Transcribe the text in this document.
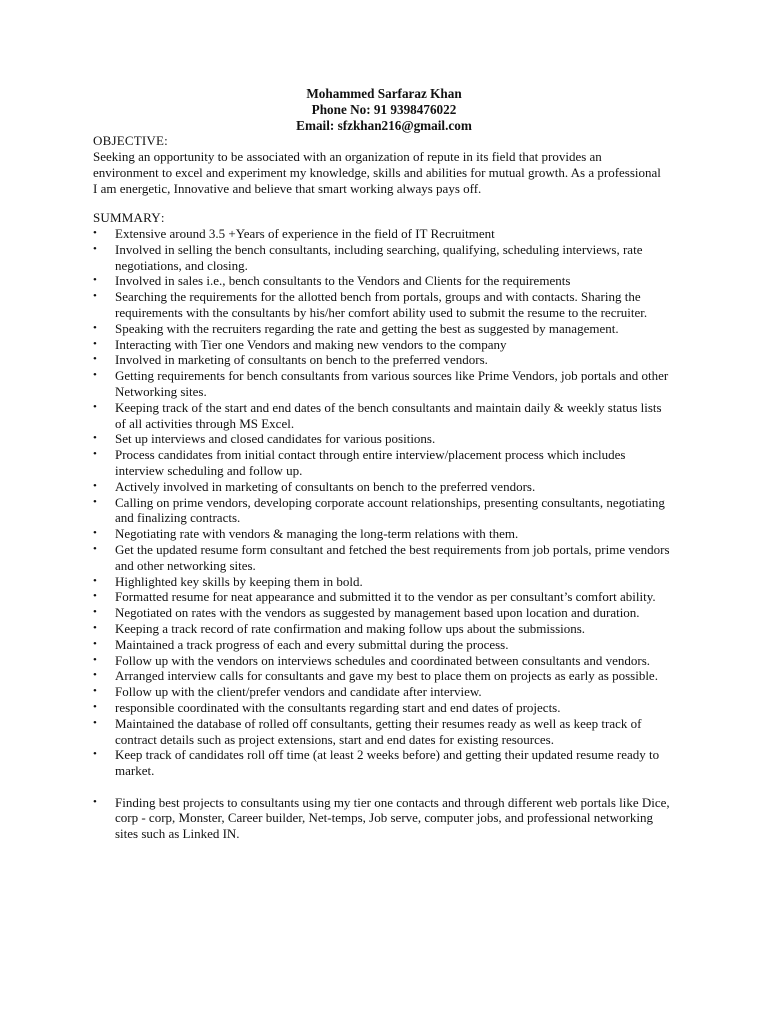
Mohammed Sarfaraz Khan
Phone No: 91 9398476022
Email: sfzkhan216@gmail.com
OBJECTIVE:
Seeking an opportunity to be associated with an organization of repute in its field that provides an environment to excel and experiment my knowledge, skills and abilities for mutual growth. As a professional I am energetic, Innovative and believe that smart working always pays off.
SUMMARY:
•	Extensive around 3.5 +Years of experience in the field of IT Recruitment
•	Involved in selling the bench consultants, including searching, qualifying, scheduling interviews, rate negotiations, and closing.
•	Involved in sales i.e., bench consultants to the Vendors and Clients for the requirements
•	Searching the requirements for the allotted bench from portals, groups and with contacts. Sharing the requirements with the consultants by his/her comfort ability used to submit the resume to the recruiter.
•	Speaking with the recruiters regarding the rate and getting the best as suggested by management.
•	Interacting with Tier one Vendors and making new vendors to the company
•	Involved in marketing of consultants on bench to the preferred vendors.
•	Getting requirements for bench consultants from various sources like Prime Vendors, job portals and other Networking sites.
•	Keeping track of the start and end dates of the bench consultants and maintain daily & weekly status lists of all activities through MS Excel.
•	Set up interviews and closed candidates for various positions.
•	Process candidates from initial contact through entire interview/placement process which includes interview scheduling and follow up.
•	Actively involved in marketing of consultants on bench to the preferred vendors.
•	Calling on prime vendors, developing corporate account relationships, presenting consultants, negotiating and finalizing contracts.
•	Negotiating rate with vendors & managing the long-term relations with them.
•	Get the updated resume form consultant and fetched the best requirements from job portals, prime vendors and other networking sites.
•	Highlighted key skills by keeping them in bold.
•	Formatted resume for neat appearance and submitted it to the vendor as per consultant’s comfort ability.
•	Negotiated on rates with the vendors as suggested by management based upon location and duration.
•	Keeping a track record of rate confirmation and making follow ups about the submissions.
•	Maintained a track progress of each and every submittal during the process.
•	Follow up with the vendors on interviews schedules and coordinated between consultants and vendors.
•	Arranged interview calls for consultants and gave my best to place them on projects as early as possible.
•	Follow up with the client/prefer vendors and candidate after interview.
•	responsible coordinated with the consultants regarding start and end dates of projects.
•	Maintained the database of rolled off consultants, getting their resumes ready as well as keep track of contract details such as project extensions, start and end dates for existing resources.
•	Keep track of candidates roll off time (at least 2 weeks before) and getting their updated resume ready to market.
•	Finding best projects to consultants using my tier one contacts and through different web portals like Dice, corp - corp, Monster, Career builder, Net-temps, Job serve, computer jobs, and professional networking sites such as Linked IN.
